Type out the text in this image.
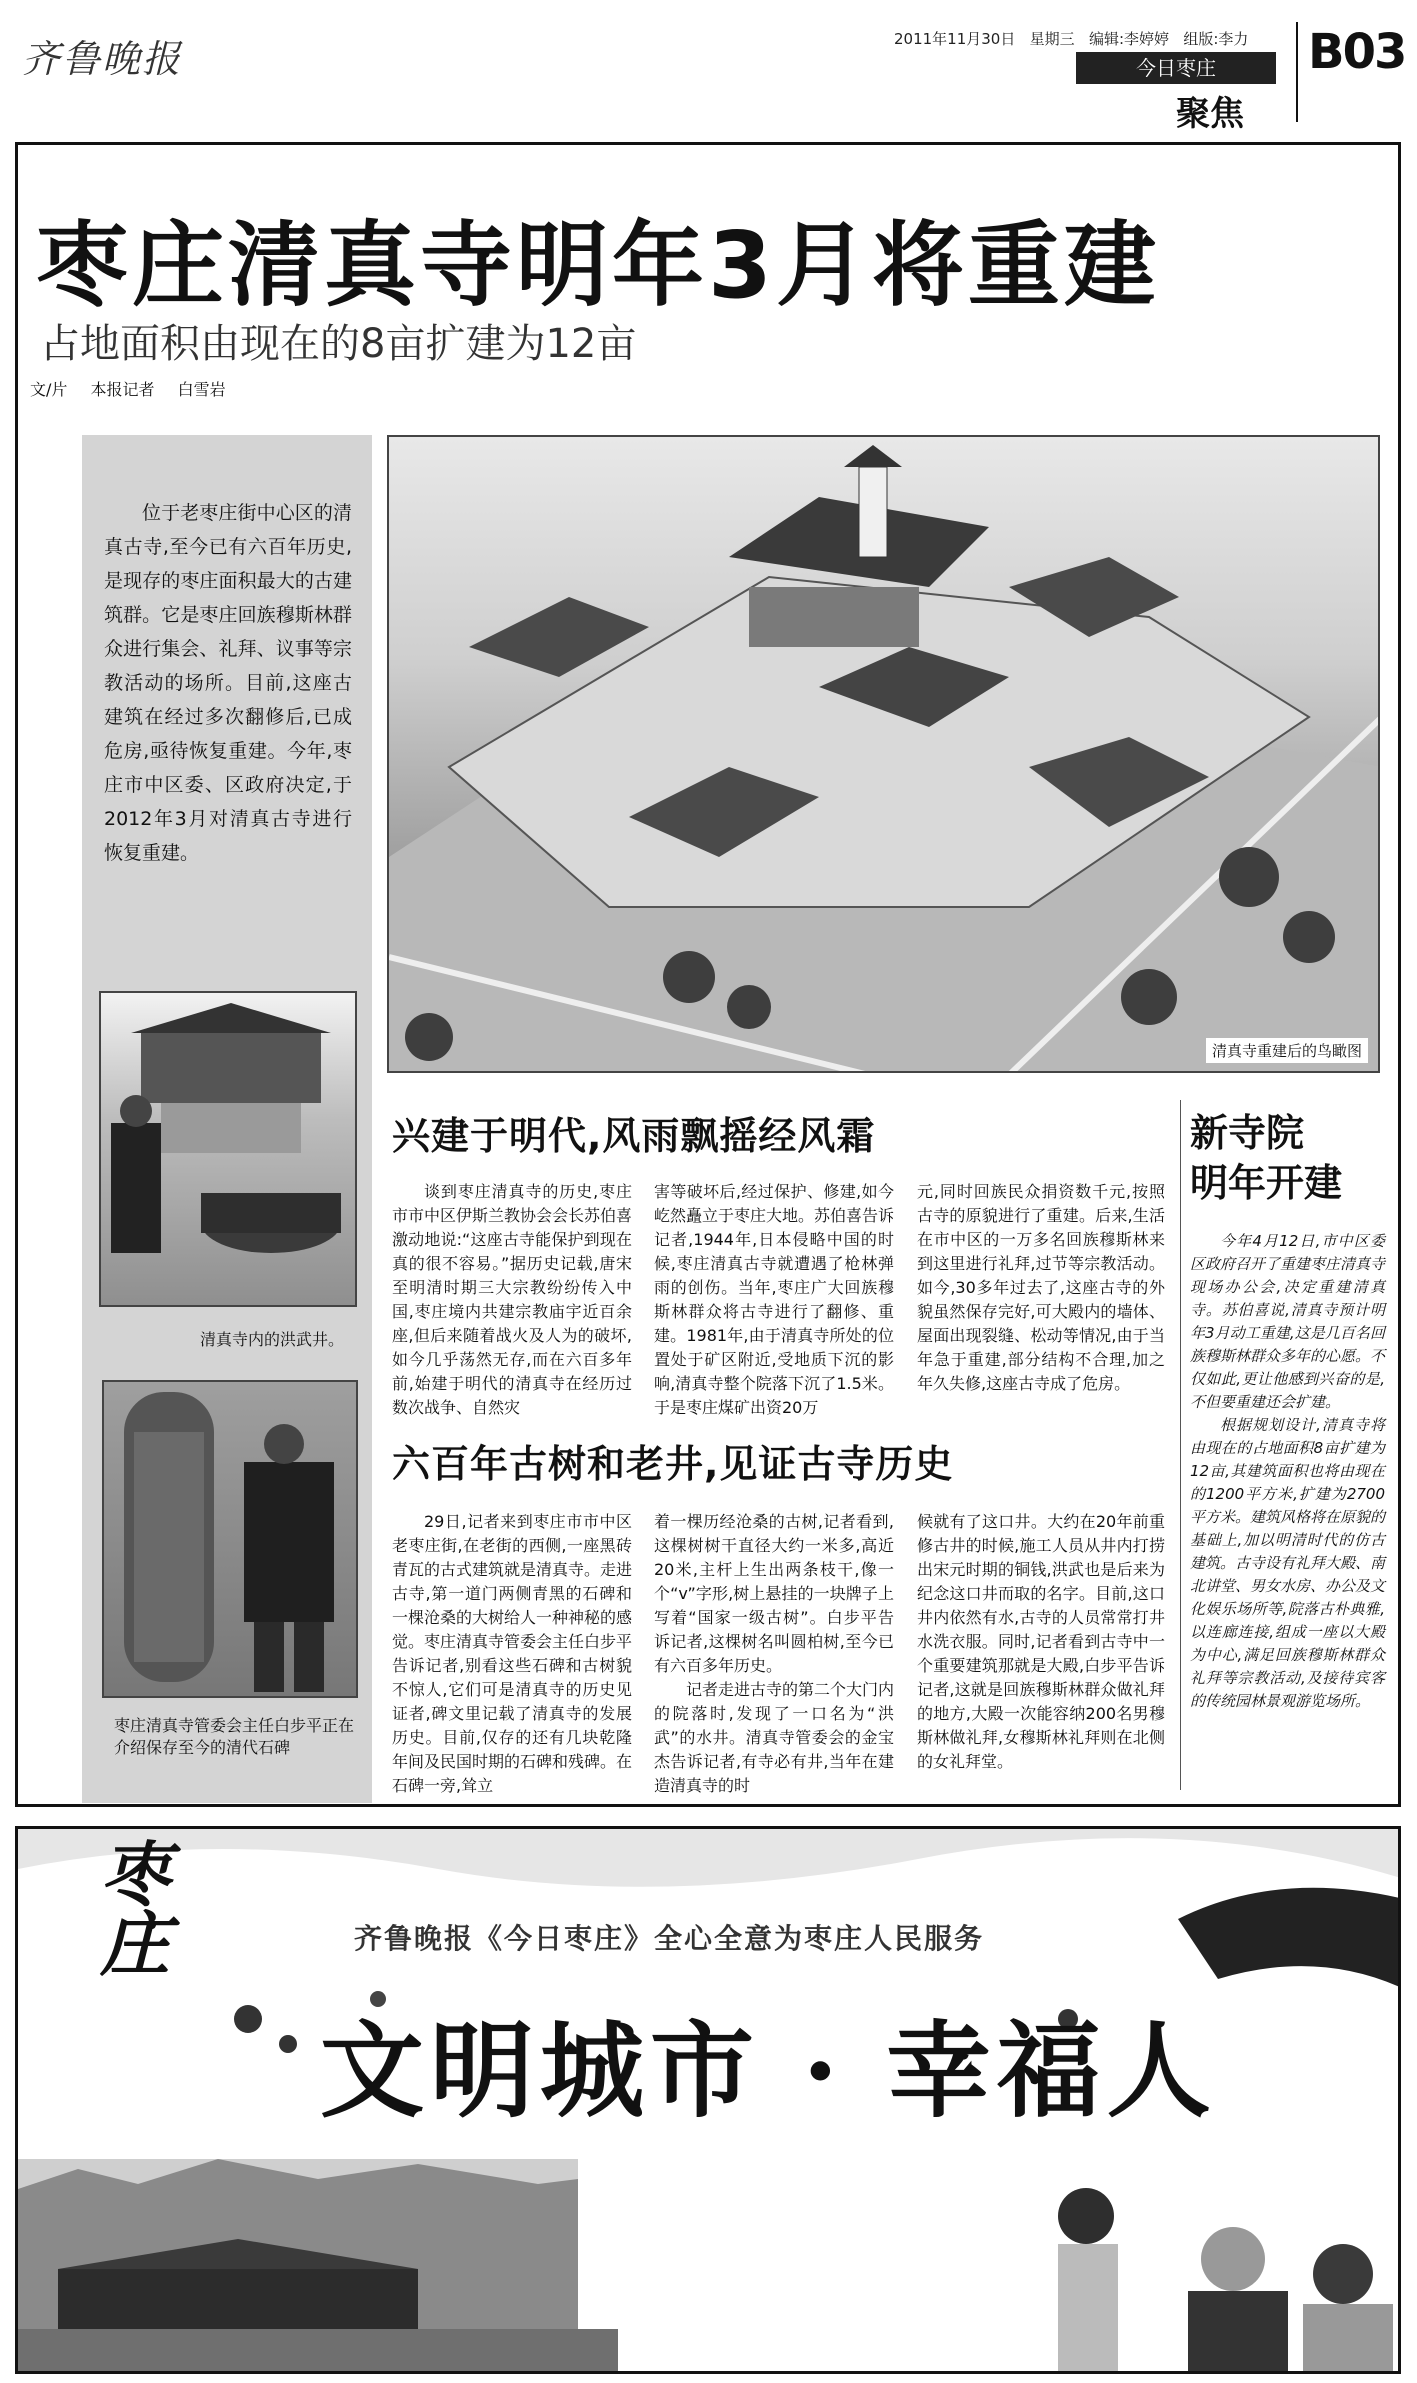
齐鲁晚报	2011年11月30日 星期三 编辑:李婷婷 组版:李力
今日枣庄
聚焦
B03
枣庄清真寺明年3月将重建
占地面积由现在的8亩扩建为12亩
文/片 本报记者 白雪岩
位于老枣庄街中心区的清真古寺,至今已有六百年历史,是现存的枣庄面积最大的古建筑群。它是枣庄回族穆斯林群众进行集会、礼拜、议事等宗教活动的场所。目前,这座古建筑在经过多次翻修后,已成危房,亟待恢复重建。今年,枣庄市中区委、区政府决定,于2012年3月对清真古寺进行恢复重建。
清真寺重建后的鸟瞰图
清真寺内的洪武井。
枣庄清真寺管委会主任白步平正在介绍保存至今的清代石碑
兴建于明代,风雨飘摇经风霜
谈到枣庄清真寺的历史,枣庄市市中区伊斯兰教协会会长苏伯喜激动地说:“这座古寺能保护到现在真的很不容易。”据历史记载,唐宋至明清时期三大宗教纷纷传入中国,枣庄境内共建宗教庙宇近百余座,但后来随着战火及人为的破坏,如今几乎荡然无存,而在六百多年前,始建于明代的清真寺在经历过数次战争、自然灾
害等破坏后,经过保护、修建,如今屹然矗立于枣庄大地。苏伯喜告诉记者,1944年,日本侵略中国的时候,枣庄清真古寺就遭遇了枪林弹雨的创伤。当年,枣庄广大回族穆斯林群众将古寺进行了翻修、重建。1981年,由于清真寺所处的位置处于矿区附近,受地质下沉的影响,清真寺整个院落下沉了1.5米。于是枣庄煤矿出资20万
元,同时回族民众捐资数千元,按照古寺的原貌进行了重建。后来,生活在市中区的一万多名回族穆斯林来到这里进行礼拜,过节等宗教活动。如今,30多年过去了,这座古寺的外貌虽然保存完好,可大殿内的墙体、屋面出现裂缝、松动等情况,由于当年急于重建,部分结构不合理,加之年久失修,这座古寺成了危房。
六百年古树和老井,见证古寺历史
29日,记者来到枣庄市市中区老枣庄街,在老街的西侧,一座黑砖青瓦的古式建筑就是清真寺。走进古寺,第一道门两侧青黑的石碑和一棵沧桑的大树给人一种神秘的感觉。枣庄清真寺管委会主任白步平告诉记者,别看这些石碑和古树貌不惊人,它们可是清真寺的历史见证者,碑文里记载了清真寺的发展历史。目前,仅存的还有几块乾隆年间及民国时期的石碑和残碑。在石碑一旁,耸立

着一棵历经沧桑的古树,记者看到,这棵树树干直径大约一米多,高近20米,主杆上生出两条枝干,像一个“v”字形,树上悬挂的一块牌子上写着“国家一级古树”。白步平告诉记者,这棵树名叫圆柏树,至今已有六百多年历史。

记者走进古寺的第二个大门内的院落时,发现了一口名为“洪武”的水井。清真寺管委会的金宝杰告诉记者,有寺必有井,当年在建造清真寺的时

候就有了这口井。大约在20年前重修古井的时候,施工人员从井内打捞出宋元时期的铜钱,洪武也是后来为纪念这口井而取的名字。目前,这口井内依然有水,古寺的人员常常打井水洗衣服。同时,记者看到古寺中一个重要建筑那就是大殿,白步平告诉记者,这就是回族穆斯林群众做礼拜的地方,大殿一次能容纳200名男穆斯林做礼拜,女穆斯林礼拜则在北侧的女礼拜堂。
新寺院
明年开建

今年4月12日,市中区委区政府召开了重建枣庄清真寺现场办公会,决定重建清真寺。苏伯喜说,清真寺预计明年3月动工重建,这是几百名回族穆斯林群众多年的心愿。不仅如此,更让他感到兴奋的是,不但要重建还会扩建。

根据规划设计,清真寺将由现在的占地面积8亩扩建为12亩,其建筑面积也将由现在的1200平方米,扩建为2700平方米。建筑风格将在原貌的基础上,加以明清时代的仿古建筑。古寺设有礼拜大殿、南北讲堂、男女水房、办公及文化娱乐场所等,院落古朴典雅,以连廊连接,组成一座以大殿为中心,满足回族穆斯林群众礼拜等宗教活动,及接待宾客的传统园林景观游览场所。

枣庄	齐鲁晚报《今日枣庄》全心全意为枣庄人民服务
文明城市 · 幸福人
